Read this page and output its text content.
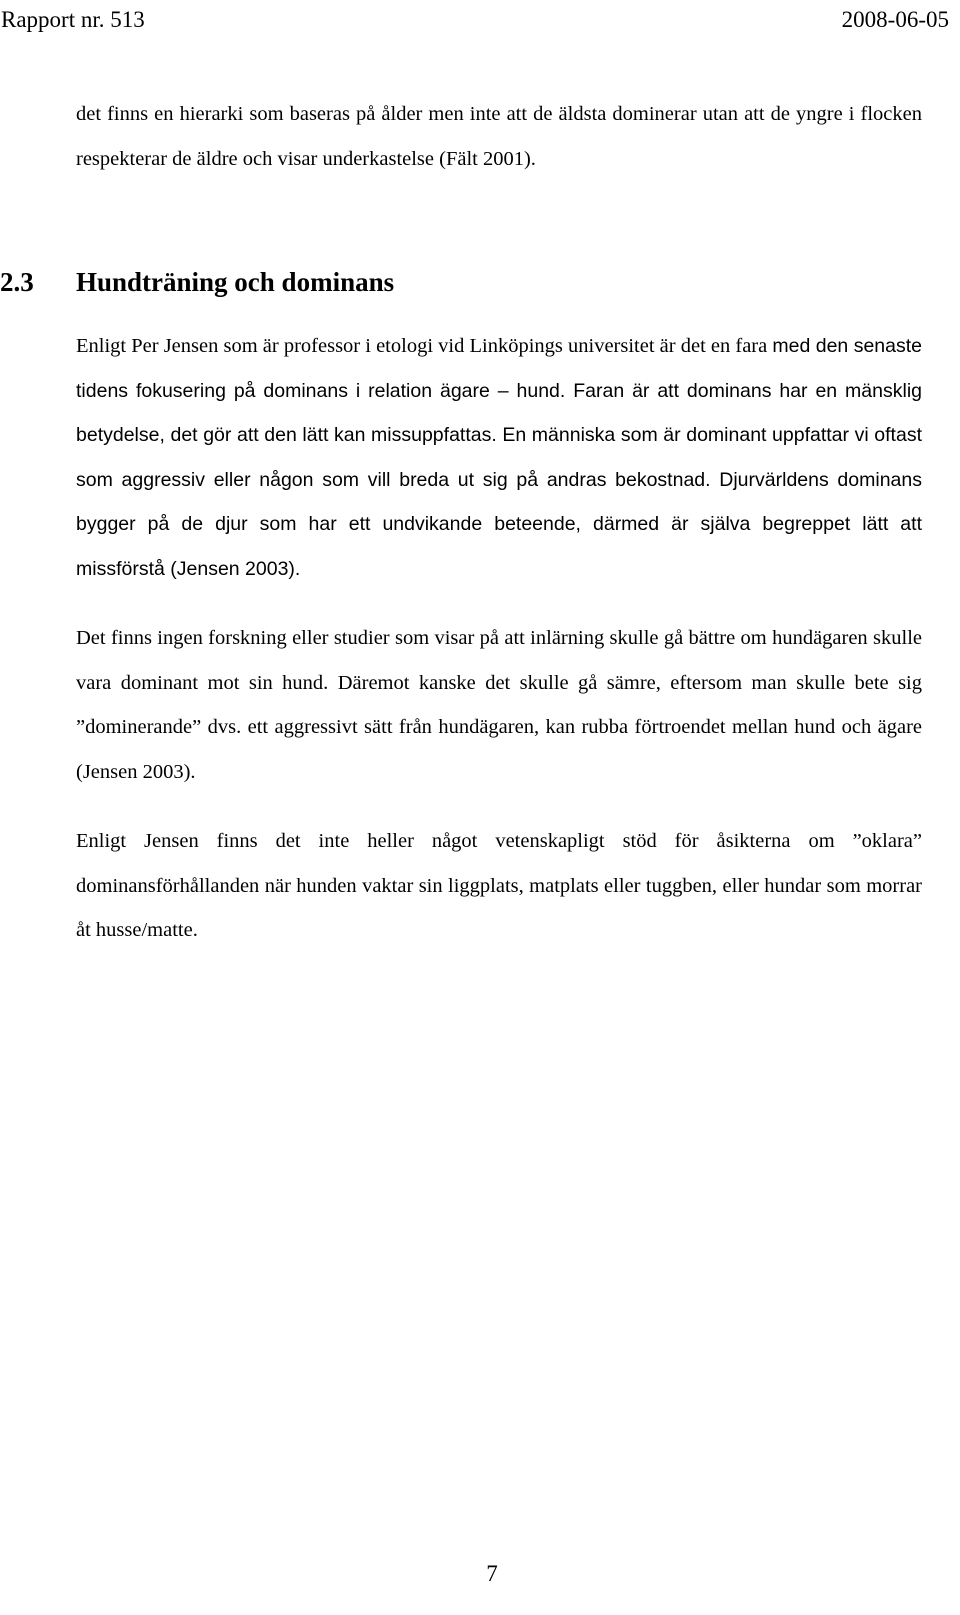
Rapport nr. 513	2008-06-05

det finns en hierarki som baseras på ålder men inte att de äldsta dominerar utan att de yngre i flocken respekterar de äldre och visar underkastelse (Fält 2001).

2.3 Hundträning och dominans

Enligt Per Jensen som är professor i etologi vid Linköpings universitet är det en fara med den senaste tidens fokusering på dominans i relation ägare – hund. Faran är att dominans har en mänsklig betydelse, det gör att den lätt kan missuppfattas. En människa som är dominant uppfattar vi oftast som aggressiv eller någon som vill breda ut sig på andras bekostnad. Djurvärldens dominans bygger på de djur som har ett undvikande beteende, därmed är själva begreppet lätt att missförstå (Jensen 2003).

Det finns ingen forskning eller studier som visar på att inlärning skulle gå bättre om hundägaren skulle vara dominant mot sin hund. Däremot kanske det skulle gå sämre, eftersom man skulle bete sig ”dominerande” dvs. ett aggressivt sätt från hundägaren, kan rubba förtroendet mellan hund och ägare (Jensen 2003).

Enligt Jensen finns det inte heller något vetenskapligt stöd för åsikterna om ”oklara” dominansförhållanden när hunden vaktar sin liggplats, matplats eller tuggben, eller hundar som morrar åt husse/matte.

7
